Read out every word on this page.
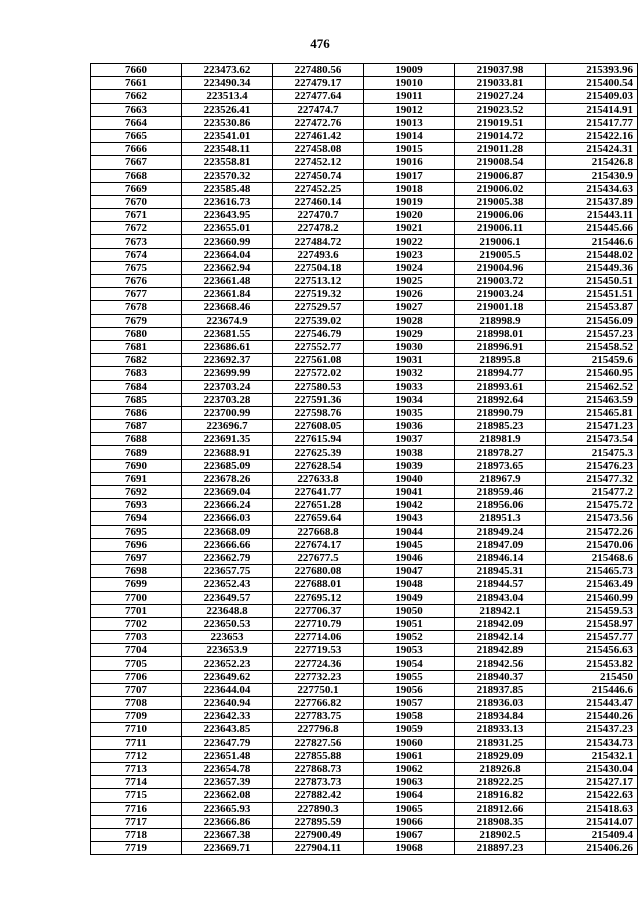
476
7660	223473.62	227480.56	19009	219037.98	215393.96
7661	223490.34	227479.17	19010	219033.81	215400.54
7662	223513.4	227477.64	19011	219027.24	215409.03
7663	223526.41	227474.7	19012	219023.52	215414.91
7664	223530.86	227472.76	19013	219019.51	215417.77
7665	223541.01	227461.42	19014	219014.72	215422.16
7666	223548.11	227458.08	19015	219011.28	215424.31
7667	223558.81	227452.12	19016	219008.54	215426.8
7668	223570.32	227450.74	19017	219006.87	215430.9
7669	223585.48	227452.25	19018	219006.02	215434.63
7670	223616.73	227460.14	19019	219005.38	215437.89
7671	223643.95	227470.7	19020	219006.06	215443.11
7672	223655.01	227478.2	19021	219006.11	215445.66
7673	223660.99	227484.72	19022	219006.1	215446.6
7674	223664.04	227493.6	19023	219005.5	215448.02
7675	223662.94	227504.18	19024	219004.96	215449.36
7676	223661.48	227513.12	19025	219003.72	215450.51
7677	223661.84	227519.32	19026	219003.24	215451.51
7678	223668.46	227529.57	19027	219001.18	215453.87
7679	223674.9	227539.02	19028	218998.9	215456.09
7680	223681.55	227546.79	19029	218998.01	215457.23
7681	223686.61	227552.77	19030	218996.91	215458.52
7682	223692.37	227561.08	19031	218995.8	215459.6
7683	223699.99	227572.02	19032	218994.77	215460.95
7684	223703.24	227580.53	19033	218993.61	215462.52
7685	223703.28	227591.36	19034	218992.64	215463.59
7686	223700.99	227598.76	19035	218990.79	215465.81
7687	223696.7	227608.05	19036	218985.23	215471.23
7688	223691.35	227615.94	19037	218981.9	215473.54
7689	223688.91	227625.39	19038	218978.27	215475.3
7690	223685.09	227628.54	19039	218973.65	215476.23
7691	223678.26	227633.8	19040	218967.9	215477.32
7692	223669.04	227641.77	19041	218959.46	215477.2
7693	223666.24	227651.28	19042	218956.06	215475.72
7694	223666.03	227659.64	19043	218951.3	215473.56
7695	223668.09	227668.8	19044	218949.24	215472.26
7696	223666.66	227674.17	19045	218947.09	215470.06
7697	223662.79	227677.5	19046	218946.14	215468.6
7698	223657.75	227680.08	19047	218945.31	215465.73
7699	223652.43	227688.01	19048	218944.57	215463.49
7700	223649.57	227695.12	19049	218943.04	215460.99
7701	223648.8	227706.37	19050	218942.1	215459.53
7702	223650.53	227710.79	19051	218942.09	215458.97
7703	223653	227714.06	19052	218942.14	215457.77
7704	223653.9	227719.53	19053	218942.89	215456.63
7705	223652.23	227724.36	19054	218942.56	215453.82
7706	223649.62	227732.23	19055	218940.37	215450
7707	223644.04	227750.1	19056	218937.85	215446.6
7708	223640.94	227766.82	19057	218936.03	215443.47
7709	223642.33	227783.75	19058	218934.84	215440.26
7710	223643.85	227796.8	19059	218933.13	215437.23
7711	223647.79	227827.56	19060	218931.25	215434.73
7712	223651.48	227855.88	19061	218929.09	215432.1
7713	223654.78	227868.73	19062	218926.8	215430.04
7714	223657.39	227873.73	19063	218922.25	215427.17
7715	223662.08	227882.42	19064	218916.82	215422.63
7716	223665.93	227890.3	19065	218912.66	215418.63
7717	223666.86	227895.59	19066	218908.35	215414.07
7718	223667.38	227900.49	19067	218902.5	215409.4
7719	223669.71	227904.11	19068	218897.23	215406.26
